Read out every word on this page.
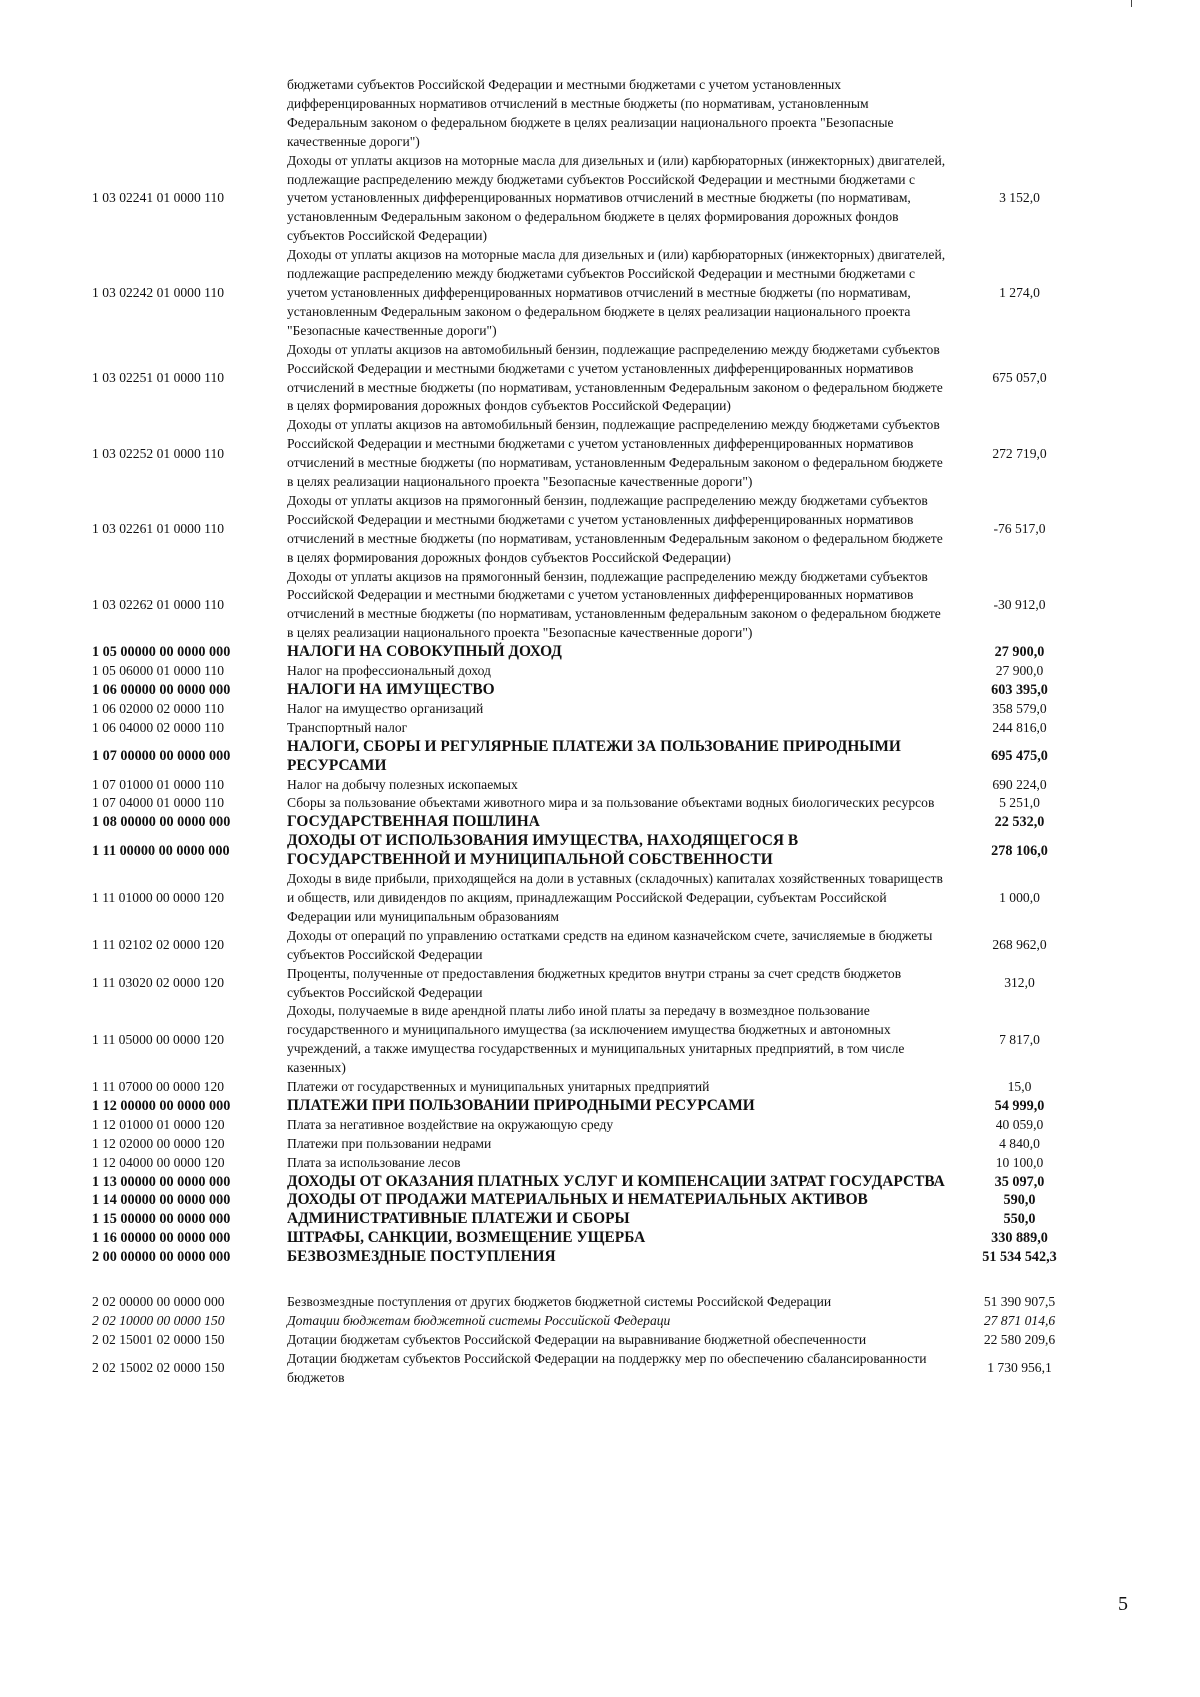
	бюджетами субъектов Российской Федерации и местными бюджетами с учетом установленных дифференцированных нормативов отчислений в местные бюджеты (по нормативам, установленным Федеральным законом о федеральном бюджете в целях реализации национального проекта "Безопасные качественные дороги")	
1 03 02241 01 0000 110	Доходы от уплаты акцизов на моторные масла для дизельных и (или) карбюраторных (инжекторных) двигателей, подлежащие распределению между бюджетами субъектов Российской Федерации и местными бюджетами с учетом установленных дифференцированных нормативов отчислений в местные бюджеты (по нормативам, установленным Федеральным законом о федеральном бюджете в целях формирования дорожных фондов субъектов Российской Федерации)	3 152,0
1 03 02242 01 0000 110	Доходы от уплаты акцизов на моторные масла для дизельных и (или) карбюраторных (инжекторных) двигателей, подлежащие распределению между бюджетами субъектов Российской Федерации и местными бюджетами с учетом установленных дифференцированных нормативов отчислений в местные бюджеты (по нормативам, установленным Федеральным законом о федеральном бюджете в целях реализации национального проекта "Безопасные качественные дороги")	1 274,0
1 03 02251 01 0000 110	Доходы от уплаты акцизов на автомобильный бензин, подлежащие распределению между бюджетами субъектов Российской Федерации и местными бюджетами с учетом установленных дифференцированных нормативов отчислений в местные бюджеты (по нормативам, установленным Федеральным законом о федеральном бюджете в целях формирования дорожных фондов субъектов Российской Федерации)	675 057,0
1 03 02252 01 0000 110	Доходы от уплаты акцизов на автомобильный бензин, подлежащие распределению между бюджетами субъектов Российской Федерации и местными бюджетами с учетом установленных дифференцированных нормативов отчислений в местные бюджеты (по нормативам, установленным Федеральным законом о федеральном бюджете в целях реализации национального проекта "Безопасные качественные дороги")	272 719,0
1 03 02261 01 0000 110	Доходы от уплаты акцизов на прямогонный бензин, подлежащие распределению между бюджетами субъектов Российской Федерации и местными бюджетами с учетом установленных дифференцированных нормативов отчислений в местные бюджеты (по нормативам, установленным Федеральным законом о федеральном бюджете в целях формирования дорожных фондов субъектов Российской Федерации)	-76 517,0
1 03 02262 01 0000 110	Доходы от уплаты акцизов на прямогонный бензин, подлежащие распределению между бюджетами субъектов Российской Федерации и местными бюджетами с учетом установленных дифференцированных нормативов отчислений в местные бюджеты (по нормативам, установленным федеральным законом о федеральном бюджете в целях реализации национального проекта "Безопасные качественные дороги")	-30 912,0
1 05 00000 00 0000 000	НАЛОГИ НА СОВОКУПНЫЙ ДОХОД	27 900,0
1 05 06000 01 0000 110	Налог на профессиональный доход	27 900,0
1 06 00000 00 0000 000	НАЛОГИ НА ИМУЩЕСТВО	603 395,0
1 06 02000 02 0000 110	Налог на имущество организаций	358 579,0
1 06 04000 02 0000 110	Транспортный налог	244 816,0
1 07 00000 00 0000 000	НАЛОГИ, СБОРЫ И РЕГУЛЯРНЫЕ ПЛАТЕЖИ ЗА ПОЛЬЗОВАНИЕ ПРИРОДНЫМИ РЕСУРСАМИ	695 475,0
1 07 01000 01 0000 110	Налог на добычу полезных ископаемых	690 224,0
1 07 04000 01 0000 110	Сборы за пользование объектами животного мира и за пользование объектами водных биологических ресурсов	5 251,0
1 08 00000 00 0000 000	ГОСУДАРСТВЕННАЯ ПОШЛИНА	22 532,0
1 11 00000 00 0000 000	ДОХОДЫ ОТ ИСПОЛЬЗОВАНИЯ ИМУЩЕСТВА, НАХОДЯЩЕГОСЯ В ГОСУДАРСТВЕННОЙ И МУНИЦИПАЛЬНОЙ СОБСТВЕННОСТИ	278 106,0
1 11 01000 00 0000 120	Доходы в виде прибыли, приходящейся на доли в уставных (складочных) капиталах хозяйственных товариществ и обществ, или дивидендов по акциям, принадлежащим Российской Федерации, субъектам Российской Федерации или муниципальным образованиям	1 000,0
1 11 02102 02 0000 120	Доходы от операций по управлению остатками средств на едином казначейском счете, зачисляемые в бюджеты субъектов Российской Федерации	268 962,0
1 11 03020 02 0000 120	Проценты, полученные от предоставления бюджетных кредитов внутри страны за счет средств бюджетов субъектов Российской Федерации	312,0
1 11 05000 00 0000 120	Доходы, получаемые в виде арендной платы либо иной платы за передачу в возмездное пользование государственного и муниципального имущества (за исключением имущества бюджетных и автономных учреждений, а также имущества государственных и муниципальных унитарных предприятий, в том числе казенных)	7 817,0
1 11 07000 00 0000 120	Платежи от государственных и муниципальных унитарных предприятий	15,0
1 12 00000 00 0000 000	ПЛАТЕЖИ ПРИ ПОЛЬЗОВАНИИ ПРИРОДНЫМИ РЕСУРСАМИ	54 999,0
1 12 01000 01 0000 120	Плата за негативное воздействие на окружающую среду	40 059,0
1 12 02000 00 0000 120	Платежи при пользовании недрами	4 840,0
1 12 04000 00 0000 120	Плата за использование лесов	10 100,0
1 13 00000 00 0000 000	ДОХОДЫ ОТ ОКАЗАНИЯ ПЛАТНЫХ УСЛУГ И КОМПЕНСАЦИИ ЗАТРАТ ГОСУДАРСТВА	35 097,0
1 14 00000 00 0000 000	ДОХОДЫ ОТ ПРОДАЖИ МАТЕРИАЛЬНЫХ И НЕМАТЕРИАЛЬНЫХ АКТИВОВ	590,0
1 15 00000 00 0000 000	АДМИНИСТРАТИВНЫЕ ПЛАТЕЖИ И СБОРЫ	550,0
1 16 00000 00 0000 000	ШТРАФЫ, САНКЦИИ, ВОЗМЕЩЕНИЕ УЩЕРБА	330 889,0
2 00 00000 00 0000 000	БЕЗВОЗМЕЗДНЫЕ ПОСТУПЛЕНИЯ	51 534 542,3
2 02 00000 00 0000 000	Безвозмездные поступления от других бюджетов бюджетной системы Российской Федерации	51 390 907,5
2 02 10000 00 0000 150	Дотации бюджетам бюджетной системы Российской Федераци	27 871 014,6
2 02 15001 02 0000 150	Дотации бюджетам субъектов Российской Федерации на выравнивание бюджетной обеспеченности	22 580 209,6
2 02 15002 02 0000 150	Дотации бюджетам субъектов Российской Федерации на поддержку мер по обеспечению сбалансированности бюджетов	1 730 956,1
5
